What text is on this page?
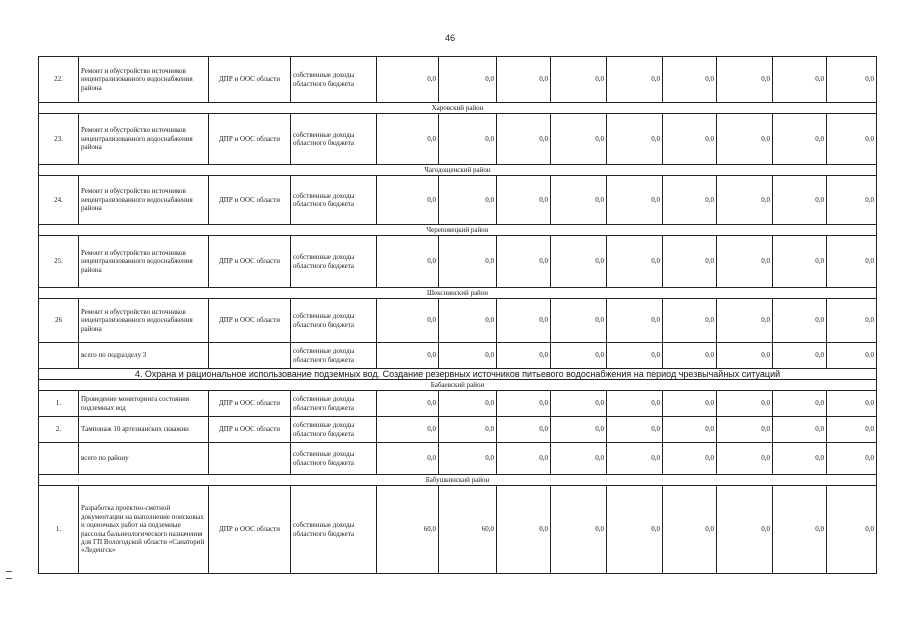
46
22.	Ремонт и обустройство источников нецентрализованного водоснабжения района	ДПР и ООС области	собственные доходы областного бюджета	0,0	0,0	0,0	0,0	0,0	0,0	0,0	0,0	0,0
Харовский район												
23.	Ремонт и обустройство источников нецентрализованного водоснабжения района	ДПР и ООС области	собственные доходы областного бюджета	0,0	0,0	0,0	0,0	0,0	0,0	0,0	0,0	0,0
Чагодощенский район												
24.	Ремонт и обустройство источников нецентрализованного водоснабжения района	ДПР и ООС области	собственные доходы областного бюджета	0,0	0,0	0,0	0,0	0,0	0,0	0,0	0,0	0,0
Череповецкий район												
25.	Ремонт и обустройство источников нецентрализованного водоснабжения района	ДПР и ООС области	собственные доходы областного бюджета	0,0	0,0	0,0	0,0	0,0	0,0	0,0	0,0	0,0
Шекснинский район												
26	Ремонт и обустройство источников нецентрализованного водоснабжения района	ДПР и ООС области	собственные доходы областного бюджета	0,0	0,0	0,0	0,0	0,0	0,0	0,0	0,0	0,0
	всего по подразделу 3		собственные доходы областного бюджета	0,0	0,0	0,0	0,0	0,0	0,0	0,0	0,0	0,0
4. Охрана и рациональное использование подземных вод. Создание резервных источников питьевого водоснабжения на период чрезвычайных ситуаций												
Бабаевский район												
1.	Проведение мониторинга состояния подземных вод	ДПР и ООС области	собственные доходы областного бюджета	0,0	0,0	0,0	0,0	0,0	0,0	0,0	0,0	0,0
2.	Тампонаж 10 артезианских скважин	ДПР и ООС области	собственные доходы областного бюджета	0,0	0,0	0,0	0,0	0,0	0,0	0,0	0,0	0,0
	всего по району		собственные доходы областного бюджета	0,0	0,0	0,0	0,0	0,0	0,0	0,0	0,0	0,0
Бабушкинский район												
1.	Разработка проектно-сметной документации на выполнение поисковых и оценочных работ на подземные рассолы бальнеологического назначения для ГП Вологодской области «Санаторий «Леденгск»	ДПР и ООС области	собственные доходы областного бюджета	60,0	60,0	0,0	0,0	0,0	0,0	0,0	0,0	0,0
